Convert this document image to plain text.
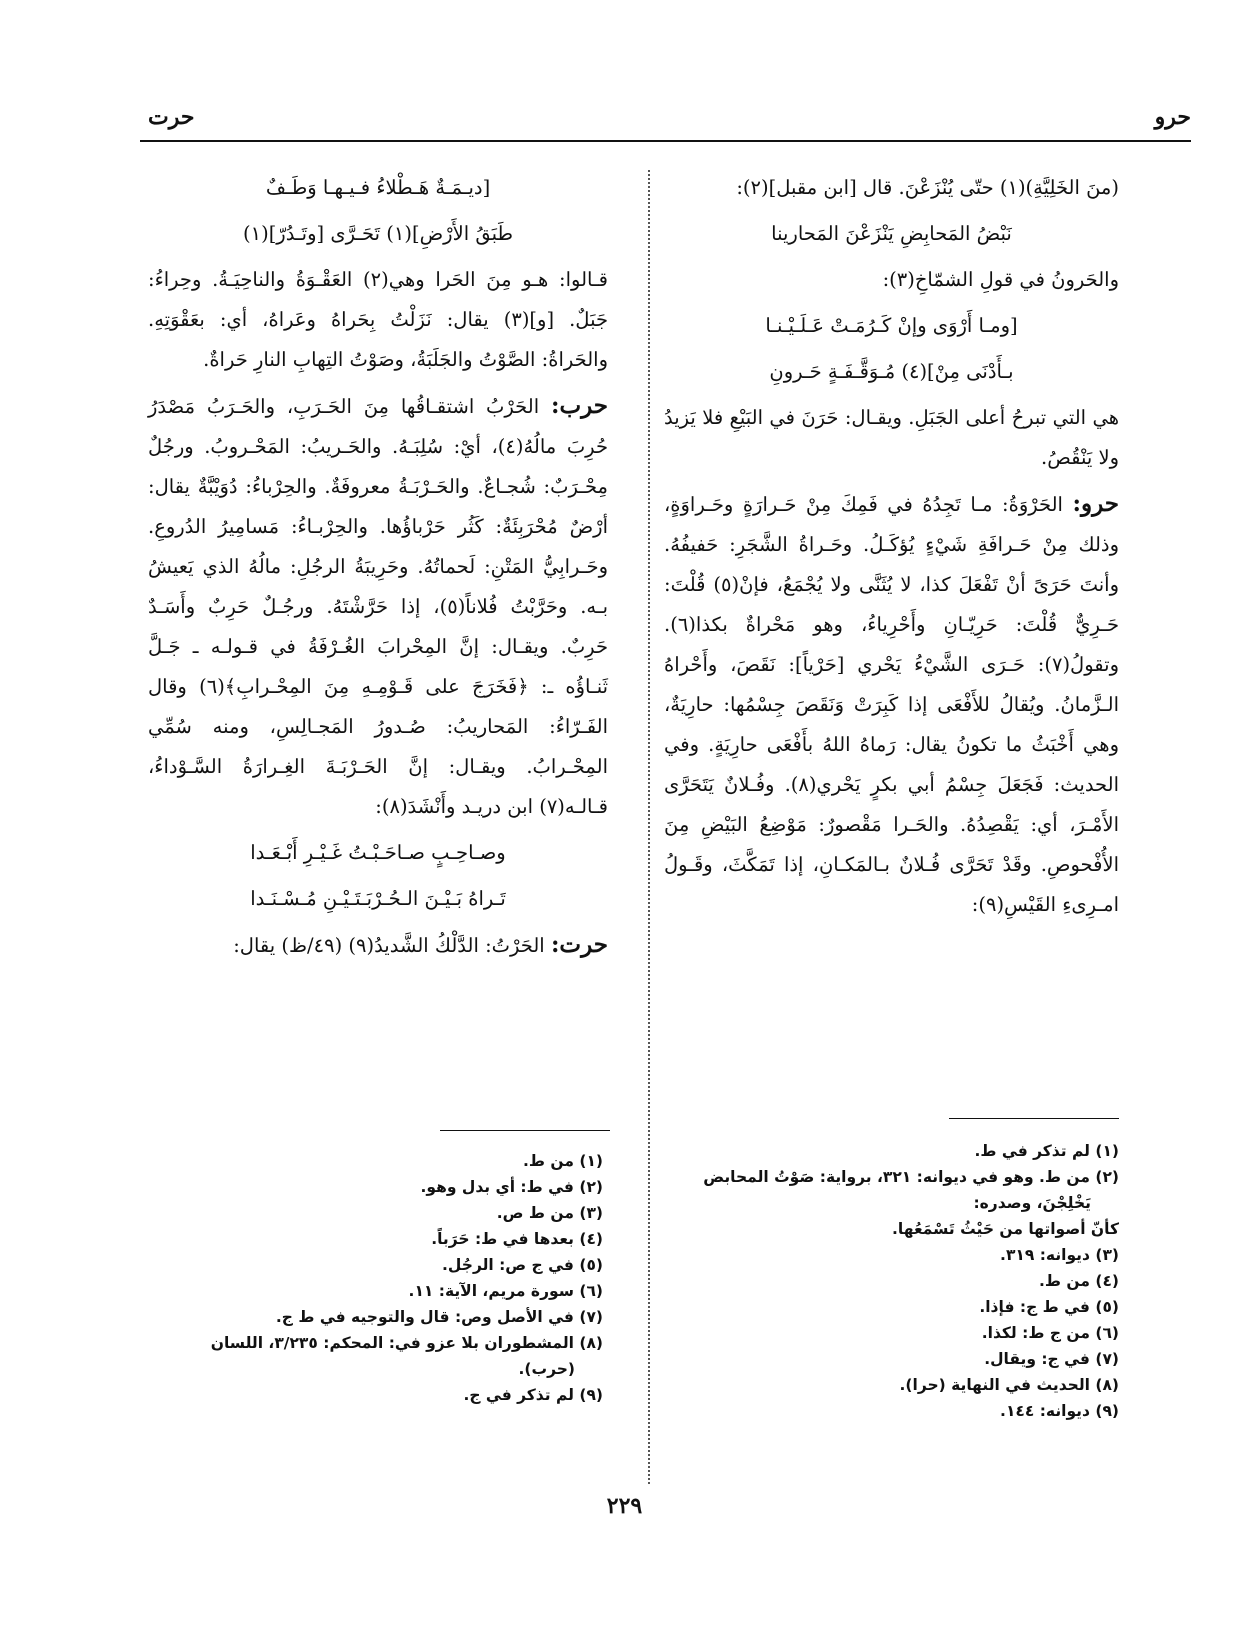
حرو
حرت

(منَ الخَلِيَّةِ)(١) حتّى يُنْزَعْنَ. قال [ابن مقبل](٢):

نَبْضُ المَحابِضِ يَنْزَعْنَ المَحارينا

والحَرونُ في قولِ الشمّاخِ(٣):

[ومـا أَرْوَى وإنْ كَـرُمَـتْ عَـلَـيْـنـا

بـأَدْنَى مِنْ](٤) مُـوَقَّـفَـةٍ حَـرونِ

هي التي تبرحُ أعلى الجَبَلِ. ويقـال: حَرَنَ في البَيْعِ فلا يَزيدُ ولا يَنْقُصُ.

حرو: الحَرْوَةُ: مـا تَجِدُهُ في فَمِكَ مِنْ حَـرارَةٍ وحَـراوَةٍ، وذلك مِنْ حَـرافَةِ شَيْءٍ يُؤكَـلُ. وحَـراةُ الشَّجَرِ: حَفيفُهُ. وأنتَ حَرَىً أنْ تَفْعَلَ كذا، لا يُثَنَّى ولا يُجْمَعُ، فإنْ(٥) قُلْتَ: حَـرِيٌّ قُلْتَ: حَرِيّـانِ وأَحْرِياءُ، وهو مَحْراةٌ بكذا(٦). وتقولُ(٧): حَـرَى الشَّيْءُ يَحْري [حَرْياً]: نَقَصَ، وأَحْراهُ الـزَّمانُ. ويُقالُ للأَفْعَى إذا كَبِرَتْ وَنَقَصَ جِسْمُها: حارِيَةٌ، وهي أَخْبَثُ ما تكونُ يقال: رَماهُ اللهُ بأَفْعَى حارِيَةٍ. وفي الحديث: فَجَعَلَ جِسْمُ أبي بكرٍ يَحْري(٨). وفُـلانٌ يَتَحَرَّى الأَمْـرَ، أي: يَقْصِدُهُ. والحَـرا مَقْصورٌ: مَوْضِعُ البَيْضِ مِنَ الأُفْحوصِ. وقَدْ تَحَرَّى فُـلانٌ بـالمَكـانِ، إذا تَمَكَّثَ، وقَـولُ امـرِىءِ القَيْسِ(٩):

[ديـمَـةٌ هَـطْلاءُ فـيـهـا وَطَـفٌ

طَبَقُ الأَرْضِ](١) تَحَـرَّى [وتَـدُرّ](١)

قـالوا: هـو مِنَ الحَرا وهي(٢) العَقْـوَةُ والناحِيَـةُ. وحِراءُ: جَبَلٌ. [و](٣) يقال: نَزَلْتُ بِحَراهُ وعَراهُ، أي: بعَقْوَتِهِ. والحَراةُ: الصَّوْتُ والجَلَبَةُ، وصَوْتُ التِهابِ النارِ حَراةٌ.

حرب: الحَرْبُ اشتقـاقُها مِنَ الحَـرَبِ، والحَـرَبُ مَصْدَرُ حُرِبَ مالُهُ(٤)، أيْ: سُلِبَـهُ. والحَـريبُ: المَحْـروبُ. ورجُلٌ مِحْـرَبٌ: شُجـاعٌ. والحَـرْبَـةُ معروفَةٌ. والحِرْباءُ: دُوَيْبَّةٌ يقال: أرْضٌ مُحْرَبِئَةٌ: كَثُر حَرْباؤُها. والحِرْبـاءُ: مَسامِيرُ الدُروعِ. وحَـرابِيُّ المَتْنِ: لَحماتُهُ. وحَرِيبَةُ الرجُلِ: مالُهُ الذي يَعيشُ بـه. وحَرَّبْتُ فُلاناً(٥)، إذا حَرَّشْتَهُ. ورجُـلٌ حَرِبٌ وأَسَـدٌ حَرِبٌ. ويقـال: إنَّ المِحْرابَ الغُـرْفَةُ في قـولـه ـ جَـلَّ ثَنـاؤُه ـ: ﴿فَخَرَجَ على قَـوْمِـهِ مِنَ المِحْـرابِ﴾(٦) وقال الفَـرّاءُ: المَحاريبُ: صُـدورُ المَجـالِسِ، ومنه سُمِّي المِحْـرابُ. ويقـال: إنَّ الحَـرْبَـةَ الغِـرارَةُ السَّـوْداءُ، قـالـه(٧) ابن دريـد وأَنْشَدَ(٨):

وصـاحِـبٍ صـاحَـبْـتُ غَـيْـرِ أَبْـعَـدا

تَـراهُ بَـيْـنَ الـحُـرْبَـتَـيْـنِ مُـسْـنَـدا

حرت: الحَرْتُ: الدَّلْكُ الشَّديدُ(٩) (٤٩/ظ) يقال:

(١) لم تذكر في ط.
(٢) من ط. وهو في ديوانه: ٣٢١، برواية: صَوْتُ المحابض
يَخْلِجْنَ، وصدره:
كأنّ أصواتها من حَيْثُ تَسْمَعُها.
(٣) ديوانه: ٣١٩.
(٤) من ط.
(٥) في ط ج: فإذا.
(٦) من ج ط: لكذا.
(٧) في ج: ويقال.
(٨) الحديث في النهاية (حرا).
(٩) ديوانه: ١٤٤.
(١) من ط.
(٢) في ط: أي بدل وهو.
(٣) من ط ص.
(٤) بعدها في ط: حَرَباً.
(٥) في ج ص: الرجُل.
(٦) سورة مريم، الآية: ١١.
(٧) في الأصل وص: قال والتوجيه في ط ج.
(٨) المشطوران بلا عزو في: المحكم: ٣/٢٣٥، اللسان
(حرب).
(٩) لم تذكر في ج.
٢٢٩
